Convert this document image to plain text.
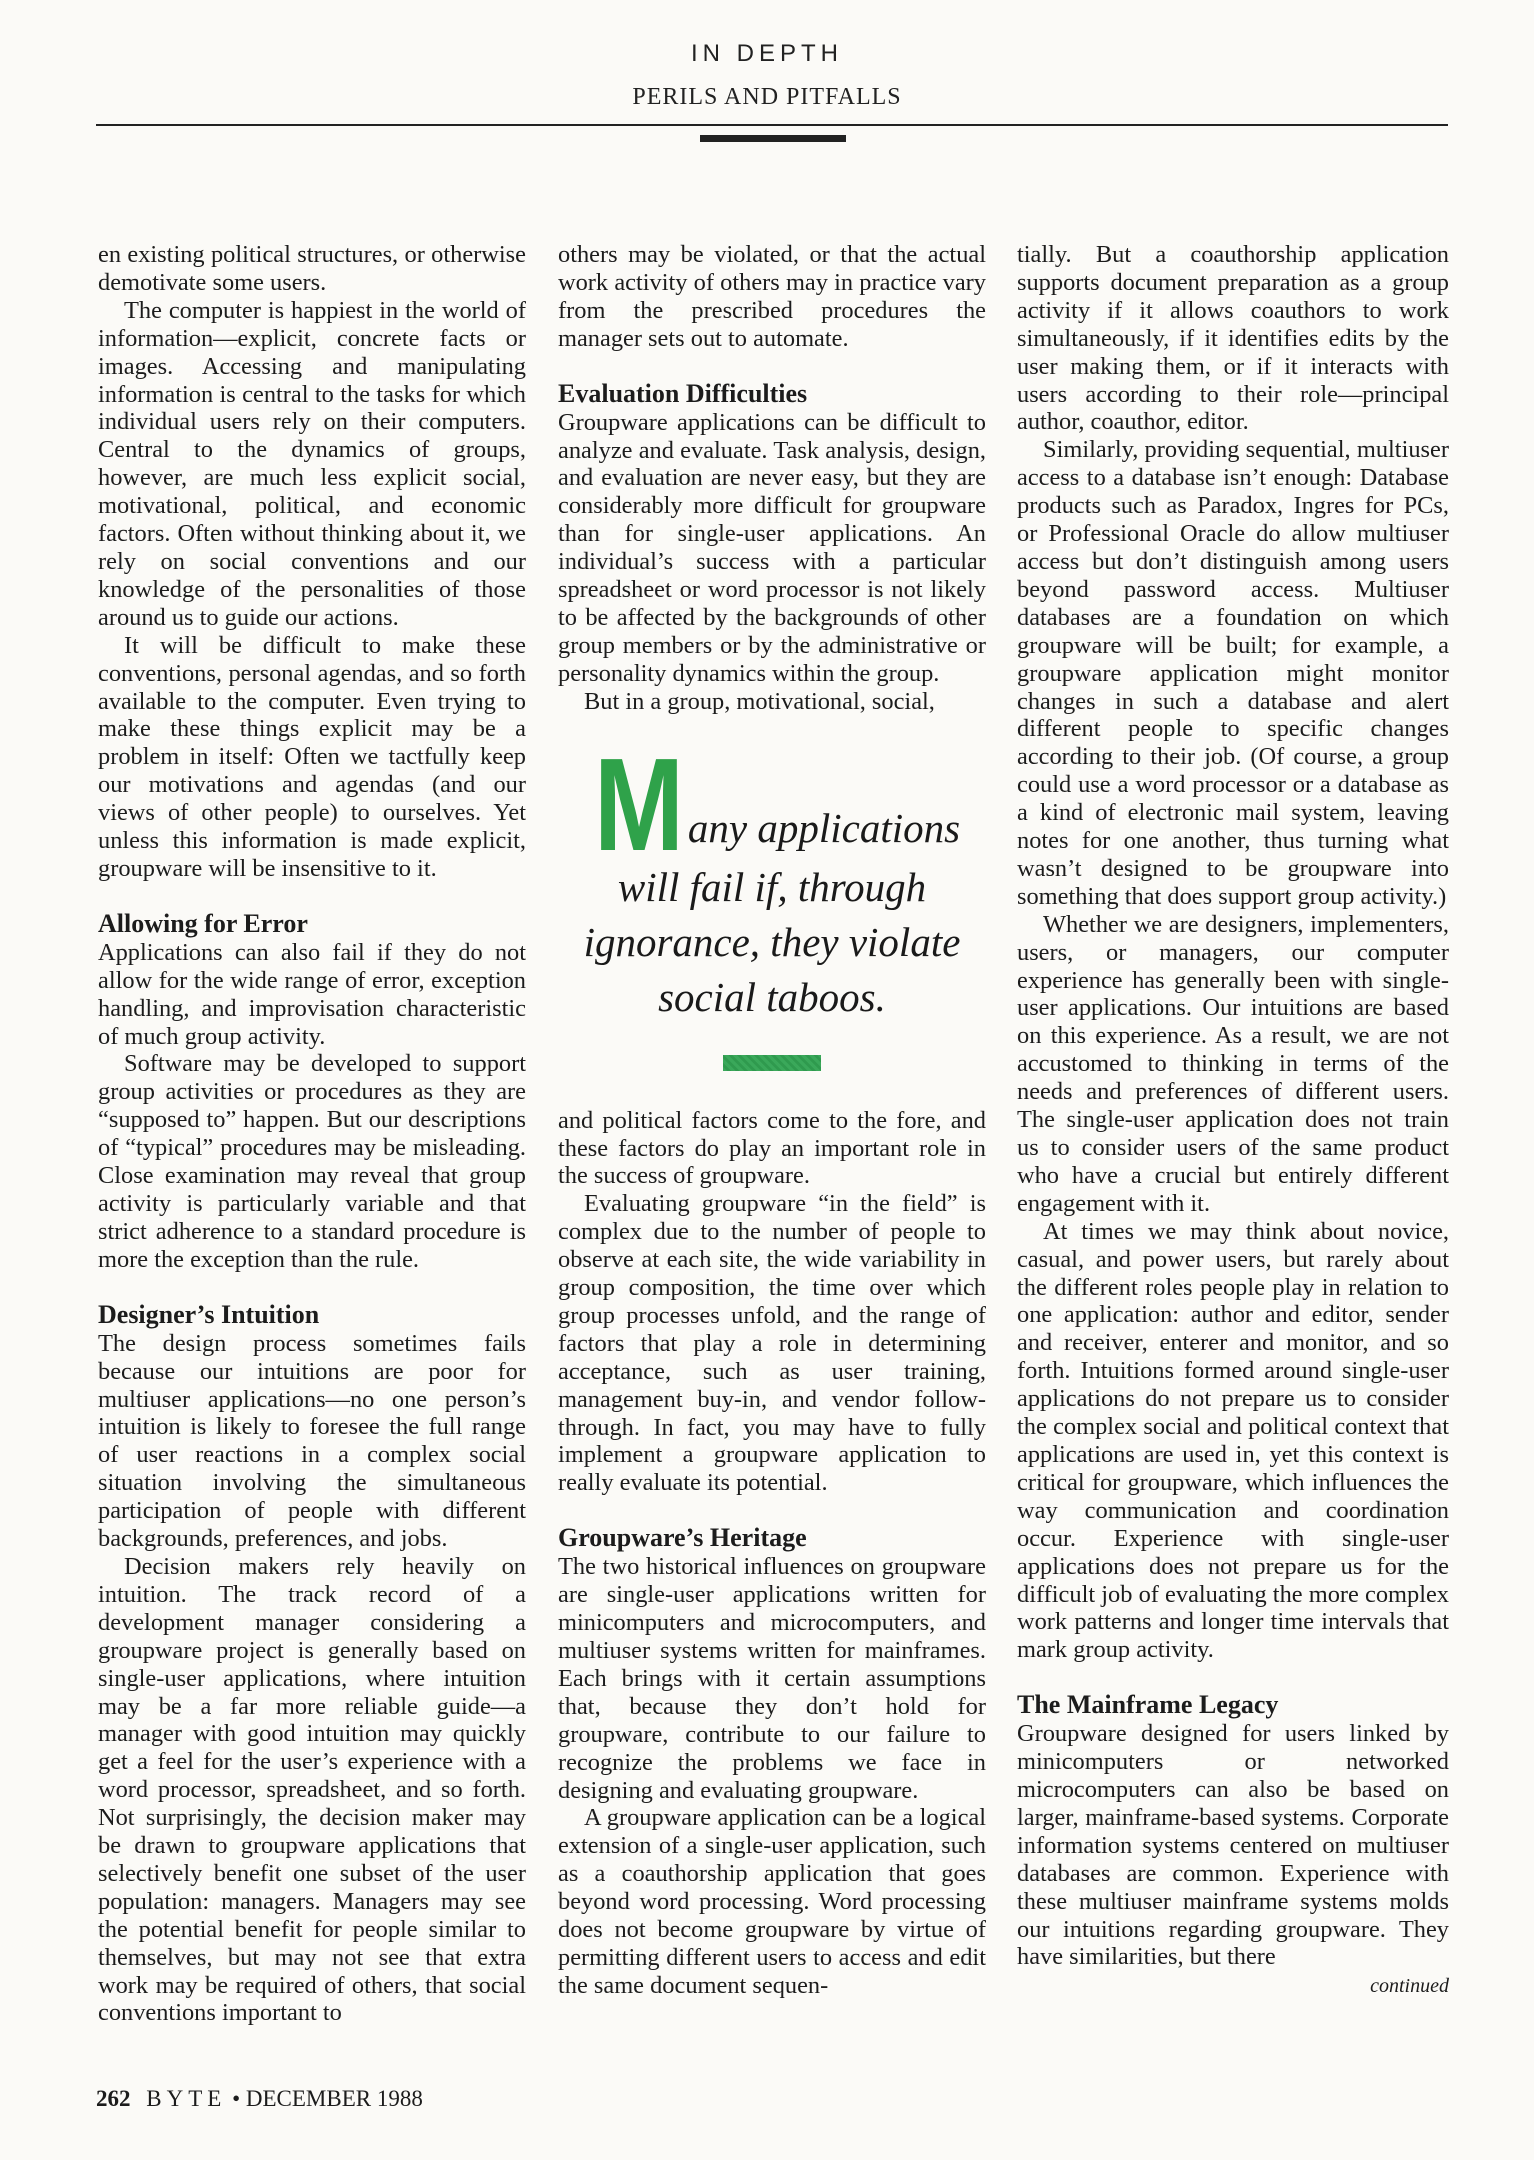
IN DEPTH
PERILS AND PITFALLS

en existing political structures, or otherwise demotivate some users.

The computer is happiest in the world of information—explicit, concrete facts or images. Accessing and manipulating information is central to the tasks for which individual users rely on their computers. Central to the dynamics of groups, however, are much less explicit social, motivational, political, and economic factors. Often without thinking about it, we rely on social conventions and our knowledge of the personalities of those around us to guide our actions.

It will be difficult to make these conventions, personal agendas, and so forth available to the computer. Even trying to make these things explicit may be a problem in itself: Often we tactfully keep our motivations and agendas (and our views of other people) to ourselves. Yet unless this information is made explicit, groupware will be insensitive to it.

Allowing for Error

Applications can also fail if they do not allow for the wide range of error, exception handling, and improvisation characteristic of much group activity.

Software may be developed to support group activities or procedures as they are “supposed to” happen. But our descriptions of “typical” procedures may be misleading. Close examination may reveal that group activity is particularly variable and that strict adherence to a standard procedure is more the exception than the rule.

Designer’s Intuition

The design process sometimes fails because our intuitions are poor for multiuser applications—no one person’s intuition is likely to foresee the full range of user reactions in a complex social situation involving the simultaneous participation of people with different backgrounds, preferences, and jobs.

Decision makers rely heavily on intuition. The track record of a development manager considering a groupware project is generally based on single-user applications, where intuition may be a far more reliable guide—a manager with good intuition may quickly get a feel for the user’s experience with a word processor, spreadsheet, and so forth. Not surprisingly, the decision maker may be drawn to groupware applications that selectively benefit one subset of the user population: managers. Managers may see the potential benefit for people similar to themselves, but may not see that extra work may be required of others, that social conventions important to

others may be violated, or that the actual work activity of others may in practice vary from the prescribed procedures the manager sets out to automate.

Evaluation Difficulties

Groupware applications can be difficult to analyze and evaluate. Task analysis, design, and evaluation are never easy, but they are considerably more difficult for groupware than for single-user applications. An individual’s success with a particular spreadsheet or word processor is not likely to be affected by the backgrounds of other group members or by the administrative or personality dynamics within the group.

But in a group, motivational, social,

Many applications will fail if, through ignorance, they violate social taboos.

and political factors come to the fore, and these factors do play an important role in the success of groupware.

Evaluating groupware “in the field” is complex due to the number of people to observe at each site, the wide variability in group composition, the time over which group processes unfold, and the range of factors that play a role in determining acceptance, such as user training, management buy-in, and vendor follow-through. In fact, you may have to fully implement a groupware application to really evaluate its potential.

Groupware’s Heritage

The two historical influences on groupware are single-user applications written for minicomputers and microcomputers, and multiuser systems written for mainframes. Each brings with it certain assumptions that, because they don’t hold for groupware, contribute to our failure to recognize the problems we face in designing and evaluating groupware.

A groupware application can be a logical extension of a single-user application, such as a coauthorship application that goes beyond word processing. Word processing does not become groupware by virtue of permitting different users to access and edit the same document sequen-

tially. But a coauthorship application supports document preparation as a group activity if it allows coauthors to work simultaneously, if it identifies edits by the user making them, or if it interacts with users according to their role—principal author, coauthor, editor.

Similarly, providing sequential, multiuser access to a database isn’t enough: Database products such as Paradox, Ingres for PCs, or Professional Oracle do allow multiuser access but don’t distinguish among users beyond password access. Multiuser databases are a foundation on which groupware will be built; for example, a groupware application might monitor changes in such a database and alert different people to specific changes according to their job. (Of course, a group could use a word processor or a database as a kind of electronic mail system, leaving notes for one another, thus turning what wasn’t designed to be groupware into something that does support group activity.)

Whether we are designers, implementers, users, or managers, our computer experience has generally been with single-user applications. Our intuitions are based on this experience. As a result, we are not accustomed to thinking in terms of the needs and preferences of different users. The single-user application does not train us to consider users of the same product who have a crucial but entirely different engagement with it.

At times we may think about novice, casual, and power users, but rarely about the different roles people play in relation to one application: author and editor, sender and receiver, enterer and monitor, and so forth. Intuitions formed around single-user applications do not prepare us to consider the complex social and political context that applications are used in, yet this context is critical for groupware, which influences the way communication and coordination occur. Experience with single-user applications does not prepare us for the difficult job of evaluating the more complex work patterns and longer time intervals that mark group activity.

The Mainframe Legacy

Groupware designed for users linked by minicomputers or networked microcomputers can also be based on larger, mainframe-based systems. Corporate information systems centered on multiuser databases are common. Experience with these multiuser mainframe systems molds our intuitions regarding groupware. They have similarities, but there

continued
262 BYTE • DECEMBER 1988
